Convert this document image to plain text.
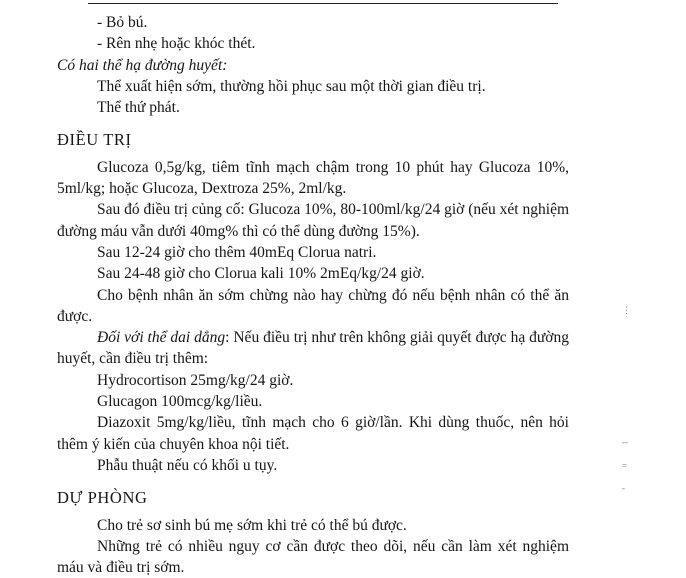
- Bỏ bú.
- Rên nhẹ hoặc khóc thét.
Có hai thể hạ đường huyết:
Thể xuất hiện sớm, thường hồi phục sau một thời gian điều trị.
Thể thứ phát.
ĐIỀU TRỊ
Glucoza 0,5g/kg, tiêm tĩnh mạch chậm trong 10 phút hay Glucoza 10%, 5ml/kg; hoặc Glucoza, Dextroza 25%, 2ml/kg.
Sau đó điều trị củng cố: Glucoza 10%, 80-100ml/kg/24 giờ (nếu xét nghiệm đường máu vẫn dưới 40mg% thì có thể dùng đường 15%).
Sau 12-24 giờ cho thêm 40mEq Clorua natri.
Sau 24-48 giờ cho Clorua kali 10% 2mEq/kg/24 giờ.
Cho bệnh nhân ăn sớm chừng nào hay chừng đó nếu bệnh nhân có thể ăn được.
Đối với thể dai dẳng: Nếu điều trị như trên không giải quyết được hạ đường huyết, cần điều trị thêm:
Hydrocortison 25mg/kg/24 giờ.
Glucagon 100mcg/kg/liều.
Diazoxit 5mg/kg/liều, tĩnh mạch cho 6 giờ/lần. Khi dùng thuốc, nên hỏi thêm ý kiến của chuyên khoa nội tiết.
Phẫu thuật nếu có khối u tụy.
DỰ PHÒNG
Cho trẻ sơ sinh bú mẹ sớm khi trẻ có thể bú được.
Những trẻ có nhiều nguy cơ cần được theo dõi, nếu cần làm xét nghiệm máu và điều trị sớm.
⋮
--
=
-
